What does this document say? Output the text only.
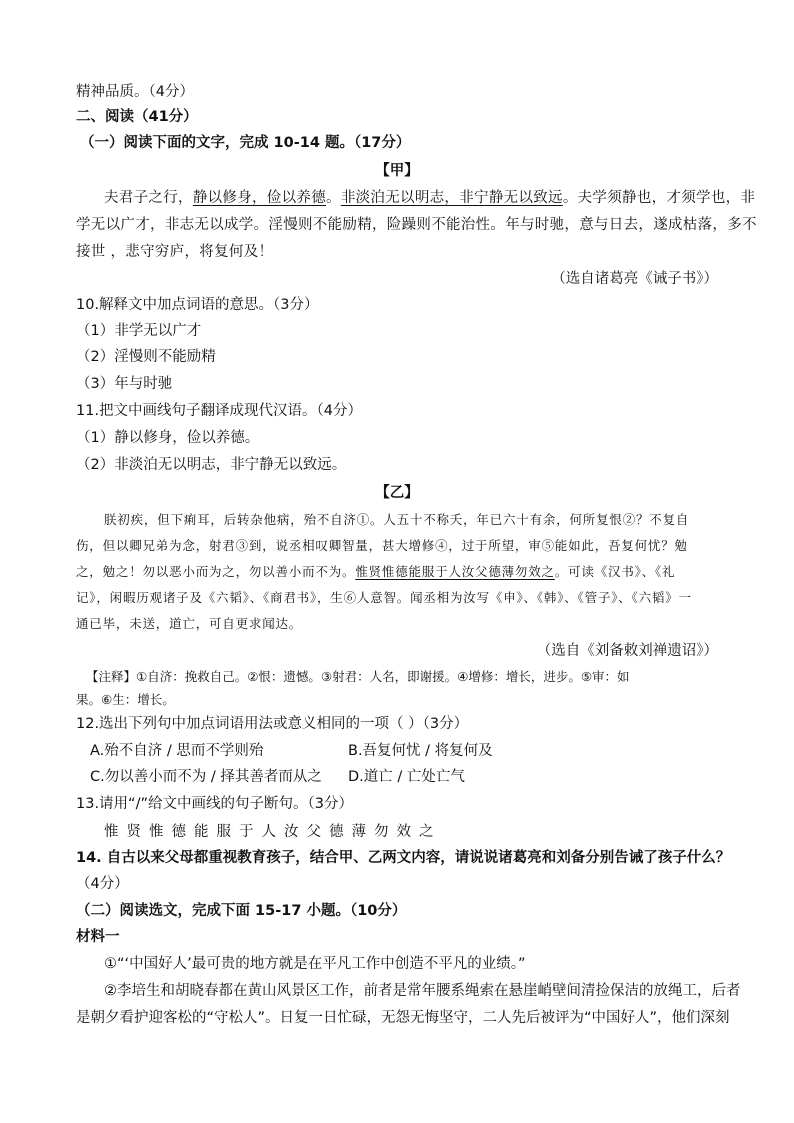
精神品质。（4分）
二、阅读（41分）
（一）阅读下面的文字，完成 10-14 题。（17分）
【甲】
夫君子之行，静以修身，俭以养德。非淡泊无以明志，非宁静无以致远。夫学须静也，才须学也，非
学无以广才，非志无以成学。淫慢则不能励精，险躁则不能治性。年与时驰，意与日去，遂成枯落，多不
接世 ，悲守穷庐，将复何及！
（选自诸葛亮《诫子书》）
10.解释文中加点词语的意思。（3分）
（1）非学无以广才
（2）淫慢则不能励精
（3）年与时驰
11.把文中画线句子翻译成现代汉语。（4分）
（1）静以修身，俭以养德。
（2）非淡泊无以明志，非宁静无以致远。
【乙】
朕初疾，但下痢耳，后转杂他病，殆不自济①。人五十不称夭，年已六十有余，何所复恨②？不复自
伤，但以卿兄弟为念，射君③到，说丞相叹卿智量，甚大增修④，过于所望，审⑤能如此，吾复何忧？勉
之，勉之！勿以恶小而为之，勿以善小而不为。惟贤惟德能服于人汝父德薄勿效之。可读《汉书》、《礼
记》，闲暇历观诸子及《六韬》、《商君书》，生⑥人意智。闻丞相为汝写《申》、《韩》、《管子》、《六韬》一
通已毕，未送，道亡，可自更求闻达。
（选自《刘备敕刘禅遗诏》）
【注释】①自济：挽救自己。②恨：遗憾。③射君：人名，即谢援。④增修：增长，进步。⑤审：如
果。⑥生：增长。
12.选出下列句中加点词语用法或意义相同的一项（ ）（3分）
A.殆不自济 / 思而不学则殆	B.吾复何忧 / 将复何及
C.勿以善小而不为 / 择其善者而从之 D.道亡 / 亡处亡气
13.请用“/”给文中画线的句子断句。（3分）
惟贤惟德能服于人汝父德薄勿效之
14. 自古以来父母都重视教育孩子，结合甲、乙两文内容，请说说诸葛亮和刘备分别告诫了孩子什么？
（4分）
（二）阅读选文，完成下面 15-17 小题。（10分）
材料一
①“‘中国好人’最可贵的地方就是在平凡工作中创造不平凡的业绩。”
②李培生和胡晓春都在黄山风景区工作，前者是常年腰系绳索在悬崖峭壁间清捡保洁的放绳工，后者
是朝夕看护迎客松的“守松人”。日复一日忙碌，无怨无悔坚守，二人先后被评为“中国好人”，他们深刻
